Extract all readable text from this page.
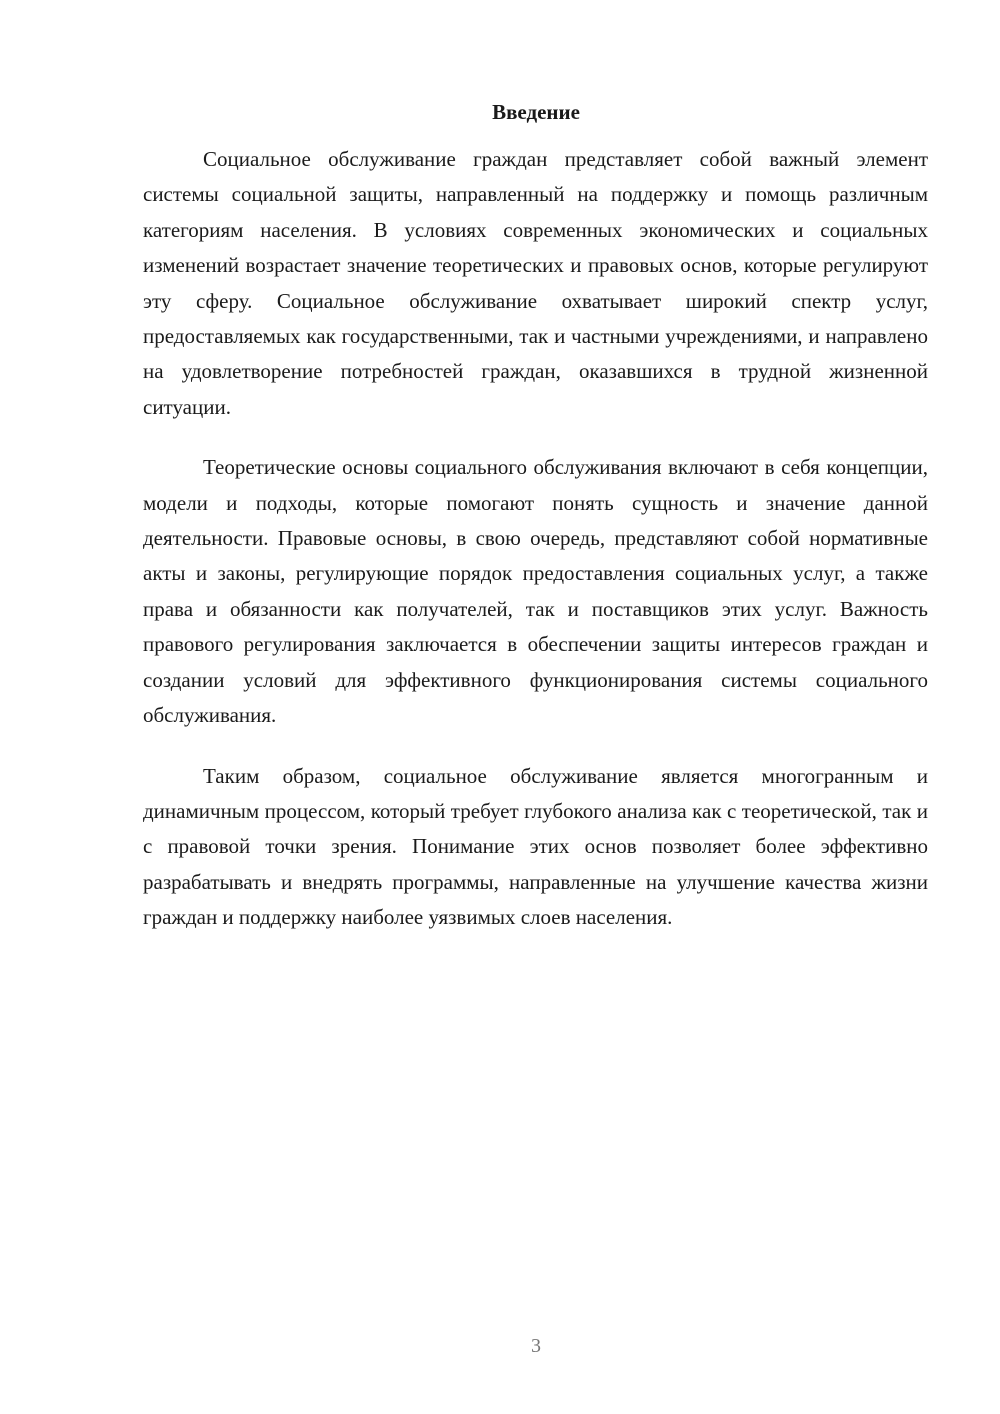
Введение

Социальное обслуживание граждан представляет собой важный элемент системы социальной защиты, направленный на поддержку и помощь различным категориям населения. В условиях современных экономических и социальных изменений возрастает значение теоретических и правовых основ, которые регулируют эту сферу. Социальное обслуживание охватывает широкий спектр услуг, предоставляемых как государственными, так и частными учреждениями, и направлено на удовлетворение потребностей граждан, оказавшихся в трудной жизненной ситуации.

Теоретические основы социального обслуживания включают в себя концепции, модели и подходы, которые помогают понять сущность и значение данной деятельности. Правовые основы, в свою очередь, представляют собой нормативные акты и законы, регулирующие порядок предоставления социальных услуг, а также права и обязанности как получателей, так и поставщиков этих услуг. Важность правового регулирования заключается в обеспечении защиты интересов граждан и создании условий для эффективного функционирования системы социального обслуживания.

Таким образом, социальное обслуживание является многогранным и динамичным процессом, который требует глубокого анализа как с теоретической, так и с правовой точки зрения. Понимание этих основ позволяет более эффективно разрабатывать и внедрять программы, направленные на улучшение качества жизни граждан и поддержку наиболее уязвимых слоев населения.

3
